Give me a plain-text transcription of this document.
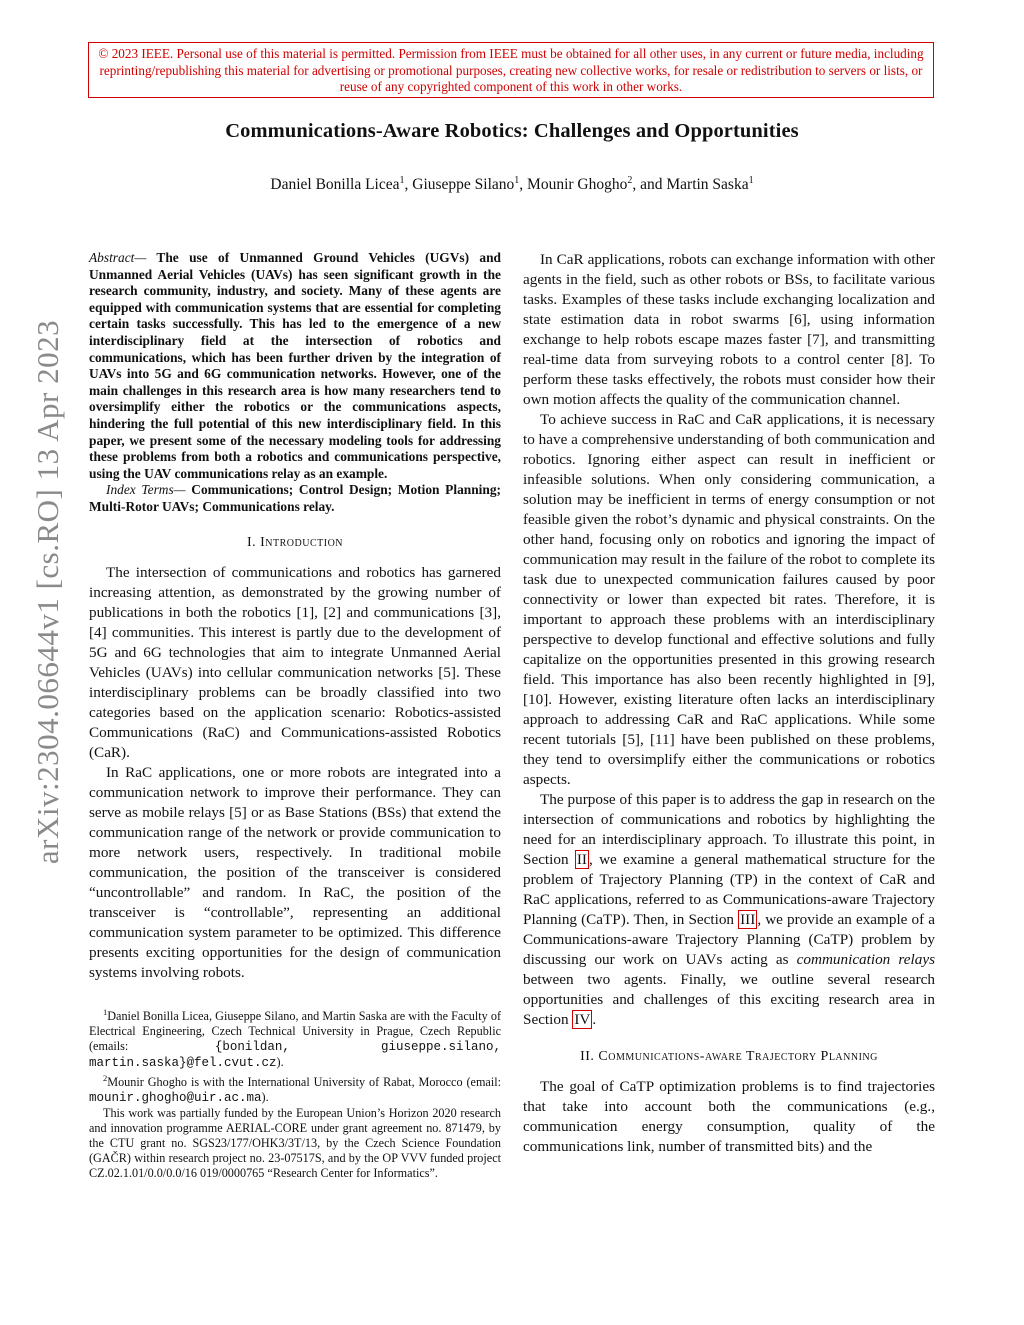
© 2023 IEEE. Personal use of this material is permitted. Permission from IEEE must be obtained for all other uses, in any current or future media, including reprinting/republishing this material for advertising or promotional purposes, creating new collective works, for resale or redistribution to servers or lists, or reuse of any copyrighted component of this work in other works.
Communications-Aware Robotics: Challenges and Opportunities
Daniel Bonilla Licea$^1$, Giuseppe Silano$^1$, Mounir Ghogho$^2$, and Martin Saska$^1$
arXiv:2304.06644v1 [cs.RO] 13 Apr 2023

Abstract— The use of Unmanned Ground Vehicles (UGVs) and Unmanned Aerial Vehicles (UAVs) has seen significant growth in the research community, industry, and society. Many of these agents are equipped with communication systems that are essential for completing certain tasks successfully. This has led to the emergence of a new interdisciplinary field at the intersection of robotics and communications, which has been further driven by the integration of UAVs into 5G and 6G communication networks. However, one of the main challenges in this research area is how many researchers tend to oversimplify either the robotics or the communications aspects, hindering the full potential of this new interdisciplinary field. In this paper, we present some of the necessary modeling tools for addressing these problems from both a robotics and communications perspective, using the UAV communications relay as an example.

Index Terms— Communications; Control Design; Motion Planning; Multi-Rotor UAVs; Communications relay.

I. Introduction

The intersection of communications and robotics has garnered increasing attention, as demonstrated by the growing number of publications in both the robotics [1], [2] and communications [3], [4] communities. This interest is partly due to the development of 5G and 6G technologies that aim to integrate Unmanned Aerial Vehicles (UAVs) into cellular communication networks [5]. These interdisciplinary problems can be broadly classified into two categories based on the application scenario: Robotics-assisted Communications (RaC) and Communications-assisted Robotics (CaR).

In RaC applications, one or more robots are integrated into a communication network to improve their performance. They can serve as mobile relays [5] or as Base Stations (BSs) that extend the communication range of the network or provide communication to more network users, respectively. In traditional mobile communication, the position of the transceiver is considered “uncontrollable” and random. In RaC, the position of the transceiver is “controllable”, representing an additional communication system parameter to be optimized. This difference presents exciting opportunities for the design of communication systems involving robots.

$^1$Daniel Bonilla Licea, Giuseppe Silano, and Martin Saska are with the Faculty of Electrical Engineering, Czech Technical University in Prague, Czech Republic (emails: {bonildan, giuseppe.silano, martin.saska}@fel.cvut.cz).

$^2$Mounir Ghogho is with the International University of Rabat, Morocco (email: mounir.ghogho@uir.ac.ma).

This work was partially funded by the European Union’s Horizon 2020 research and innovation programme AERIAL-CORE under grant agreement no. 871479, by the CTU grant no. SGS23/177/OHK3/3T/13, by the Czech Science Foundation (GAČR) within research project no. 23-07517S, and by the OP VVV funded project CZ.02.1.01/0.0/0.0/16 019/0000765 “Research Center for Informatics”.

In CaR applications, robots can exchange information with other agents in the field, such as other robots or BSs, to facilitate various tasks. Examples of these tasks include exchanging localization and state estimation data in robot swarms [6], using information exchange to help robots escape mazes faster [7], and transmitting real-time data from surveying robots to a control center [8]. To perform these tasks effectively, the robots must consider how their own motion affects the quality of the communication channel.

To achieve success in RaC and CaR applications, it is necessary to have a comprehensive understanding of both communication and robotics. Ignoring either aspect can result in inefficient or infeasible solutions. When only considering communication, a solution may be inefficient in terms of energy consumption or not feasible given the robot’s dynamic and physical constraints. On the other hand, focusing only on robotics and ignoring the impact of communication may result in the failure of the robot to complete its task due to unexpected communication failures caused by poor connectivity or lower than expected bit rates. Therefore, it is important to approach these problems with an interdisciplinary perspective to develop functional and effective solutions and fully capitalize on the opportunities presented in this growing research field. This importance has also been recently highlighted in [9], [10]. However, existing literature often lacks an interdisciplinary approach to addressing CaR and RaC applications. While some recent tutorials [5], [11] have been published on these problems, they tend to oversimplify either the communications or robotics aspects.

The purpose of this paper is to address the gap in research on the intersection of communications and robotics by highlighting the need for an interdisciplinary approach. To illustrate this point, in Section II , we examine a general mathematical structure for the problem of Trajectory Planning (TP) in the context of CaR and RaC applications, referred to as Communications-aware Trajectory Planning (CaTP). Then, in Section III , we provide an example of a Communications-aware Trajectory Planning (CaTP) problem by discussing our work on UAVs acting as communication relays between two agents. Finally, we outline several research opportunities and challenges of this exciting research area in Section IV .

II. Communications-aware Trajectory Planning

The goal of CaTP optimization problems is to find trajectories that take into account both the communications (e.g., communication energy consumption, quality of the communications link, number of transmitted bits) and the
